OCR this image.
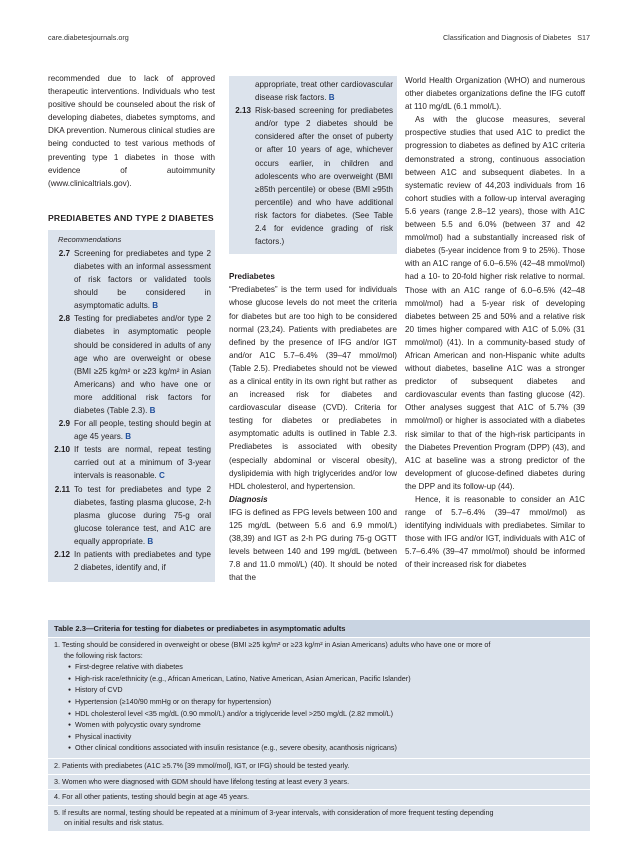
care.diabetesjournals.org	Classification and Diagnosis of Diabetes S17

recommended due to lack of approved therapeutic interventions. Individuals who test positive should be counseled about the risk of developing diabetes, diabetes symptoms, and DKA prevention. Numerous clinical studies are being conducted to test various methods of preventing type 1 diabetes in those with evidence of autoimmunity (www.clinicaltrials.gov).

PREDIABETES AND TYPE 2 DIABETES
Recommendations
2.7 Screening for prediabetes and type 2 diabetes with an informal assessment of risk factors or validated tools should be considered in asymptomatic adults. B
2.8 Testing for prediabetes and/or type 2 diabetes in asymptomatic people should be considered in adults of any age who are overweight or obese (BMI ≥25 kg/m² or ≥23 kg/m² in Asian Americans) and who have one or more additional risk factors for diabetes (Table 2.3). B
2.9 For all people, testing should begin at age 45 years. B
2.10 If tests are normal, repeat testing carried out at a minimum of 3-year intervals is reasonable. C
2.11 To test for prediabetes and type 2 diabetes, fasting plasma glucose, 2-h plasma glucose during 75-g oral glucose tolerance test, and A1C are equally appropriate. B
2.12 In patients with prediabetes and type 2 diabetes, identify and, if
appropriate, treat other cardiovascular disease risk factors. B
2.13 Risk-based screening for prediabetes and/or type 2 diabetes should be considered after the onset of puberty or after 10 years of age, whichever occurs earlier, in children and adolescents who are overweight (BMI ≥85th percentile) or obese (BMI ≥95th percentile) and who have additional risk factors for diabetes. (See Table 2.4 for evidence grading of risk factors.)

Prediabetes

“Prediabetes” is the term used for individuals whose glucose levels do not meet the criteria for diabetes but are too high to be considered normal (23,24). Patients with prediabetes are defined by the presence of IFG and/or IGT and/or A1C 5.7–6.4% (39–47 mmol/mol) (Table 2.5). Prediabetes should not be viewed as a clinical entity in its own right but rather as an increased risk for diabetes and cardiovascular disease (CVD). Criteria for testing for diabetes or prediabetes in asymptomatic adults is outlined in Table 2.3. Prediabetes is associated with obesity (especially abdominal or visceral obesity), dyslipidemia with high triglycerides and/or low HDL cholesterol, and hypertension.

Diagnosis

IFG is defined as FPG levels between 100 and 125 mg/dL (between 5.6 and 6.9 mmol/L) (38,39) and IGT as 2-h PG during 75-g OGTT levels between 140 and 199 mg/dL (between 7.8 and 11.0 mmol/L) (40). It should be noted that the

World Health Organization (WHO) and numerous other diabetes organizations define the IFG cutoff at 110 mg/dL (6.1 mmol/L).

As with the glucose measures, several prospective studies that used A1C to predict the progression to diabetes as defined by A1C criteria demonstrated a strong, continuous association between A1C and subsequent diabetes. In a systematic review of 44,203 individuals from 16 cohort studies with a follow-up interval averaging 5.6 years (range 2.8–12 years), those with A1C between 5.5 and 6.0% (between 37 and 42 mmol/mol) had a substantially increased risk of diabetes (5-year incidence from 9 to 25%). Those with an A1C range of 6.0–6.5% (42–48 mmol/mol) had a 10- to 20-fold higher risk relative to normal. Those with an A1C range of 6.0–6.5% (42–48 mmol/mol) had a 5-year risk of developing diabetes between 25 and 50% and a relative risk 20 times higher compared with A1C of 5.0% (31 mmol/mol) (41). In a community-based study of African American and non-Hispanic white adults without diabetes, baseline A1C was a stronger predictor of subsequent diabetes and cardiovascular events than fasting glucose (42). Other analyses suggest that A1C of 5.7% (39 mmol/mol) or higher is associated with a diabetes risk similar to that of the high-risk participants in the Diabetes Prevention Program (DPP) (43), and A1C at baseline was a strong predictor of the development of glucose-defined diabetes during the DPP and its follow-up (44).

Hence, it is reasonable to consider an A1C range of 5.7–6.4% (39–47 mmol/mol) as identifying individuals with prediabetes. Similar to those with IFG and/or IGT, individuals with A1C of 5.7–6.4% (39–47 mmol/mol) should be informed of their increased risk for diabetes

Table 2.3—Criteria for testing for diabetes or prediabetes in asymptomatic adults
1. Testing should be considered in overweight or obese (BMI ≥25 kg/m² or ≥23 kg/m² in Asian Americans) adults who have one or more of
the following risk factors:
● First-degree relative with diabetes
● High-risk race/ethnicity (e.g., African American, Latino, Native American, Asian American, Pacific Islander)
● History of CVD
● Hypertension (≥140/90 mmHg or on therapy for hypertension)
● HDL cholesterol level <35 mg/dL (0.90 mmol/L) and/or a triglyceride level >250 mg/dL (2.82 mmol/L)
● Women with polycystic ovary syndrome
● Physical inactivity
● Other clinical conditions associated with insulin resistance (e.g., severe obesity, acanthosis nigricans)
2. Patients with prediabetes (A1C ≥5.7% [39 mmol/mol], IGT, or IFG) should be tested yearly.
3. Women who were diagnosed with GDM should have lifelong testing at least every 3 years.
4. For all other patients, testing should begin at age 45 years.
5. If results are normal, testing should be repeated at a minimum of 3-year intervals, with consideration of more frequent testing depending
on initial results and risk status.
